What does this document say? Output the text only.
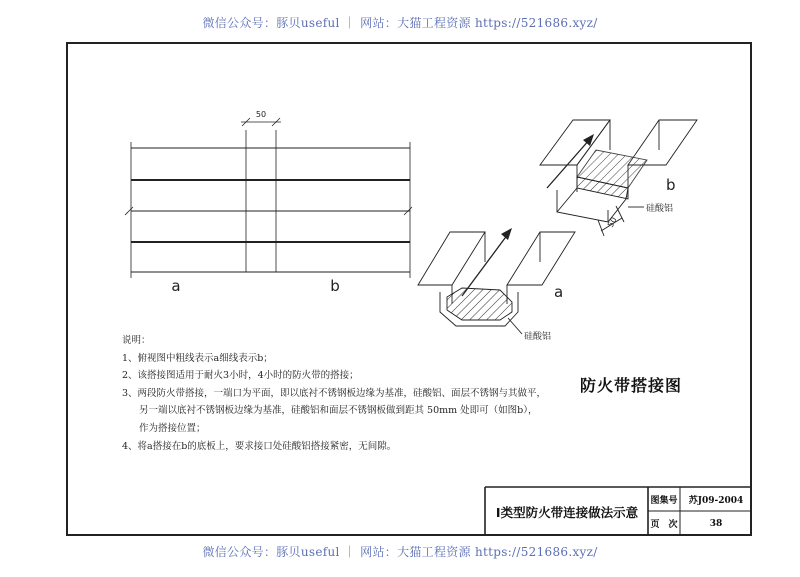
微信公众号：豚贝useful ｜ 网站：大猫工程资源 https://521686.xyz/
50
a	b
50
b
硅酸铝
a
硅酸铝
说明：
1、俯视图中粗线表示a细线表示b；
2、该搭接图适用于耐火3小时，4小时的防火带的搭接；
3、两段防火带搭接，一端口为平面，即以底衬不锈钢板边缘为基准，硅酸铝、面层不锈钢与其做平，
另一端以底衬不锈钢板边缘为基准，硅酸铝和面层不锈钢板做到距其 50mm 处即可（如图b），
作为搭接位置；
4、将a搭接在b的底板上，要求接口处硅酸铝搭接紧密，无间隙。
防火带搭接图
Ⅰ类型防火带连接做法示意
图集号	苏J09-2004
页　次	38
微信公众号：豚贝useful ｜ 网站：大猫工程资源 https://521686.xyz/
